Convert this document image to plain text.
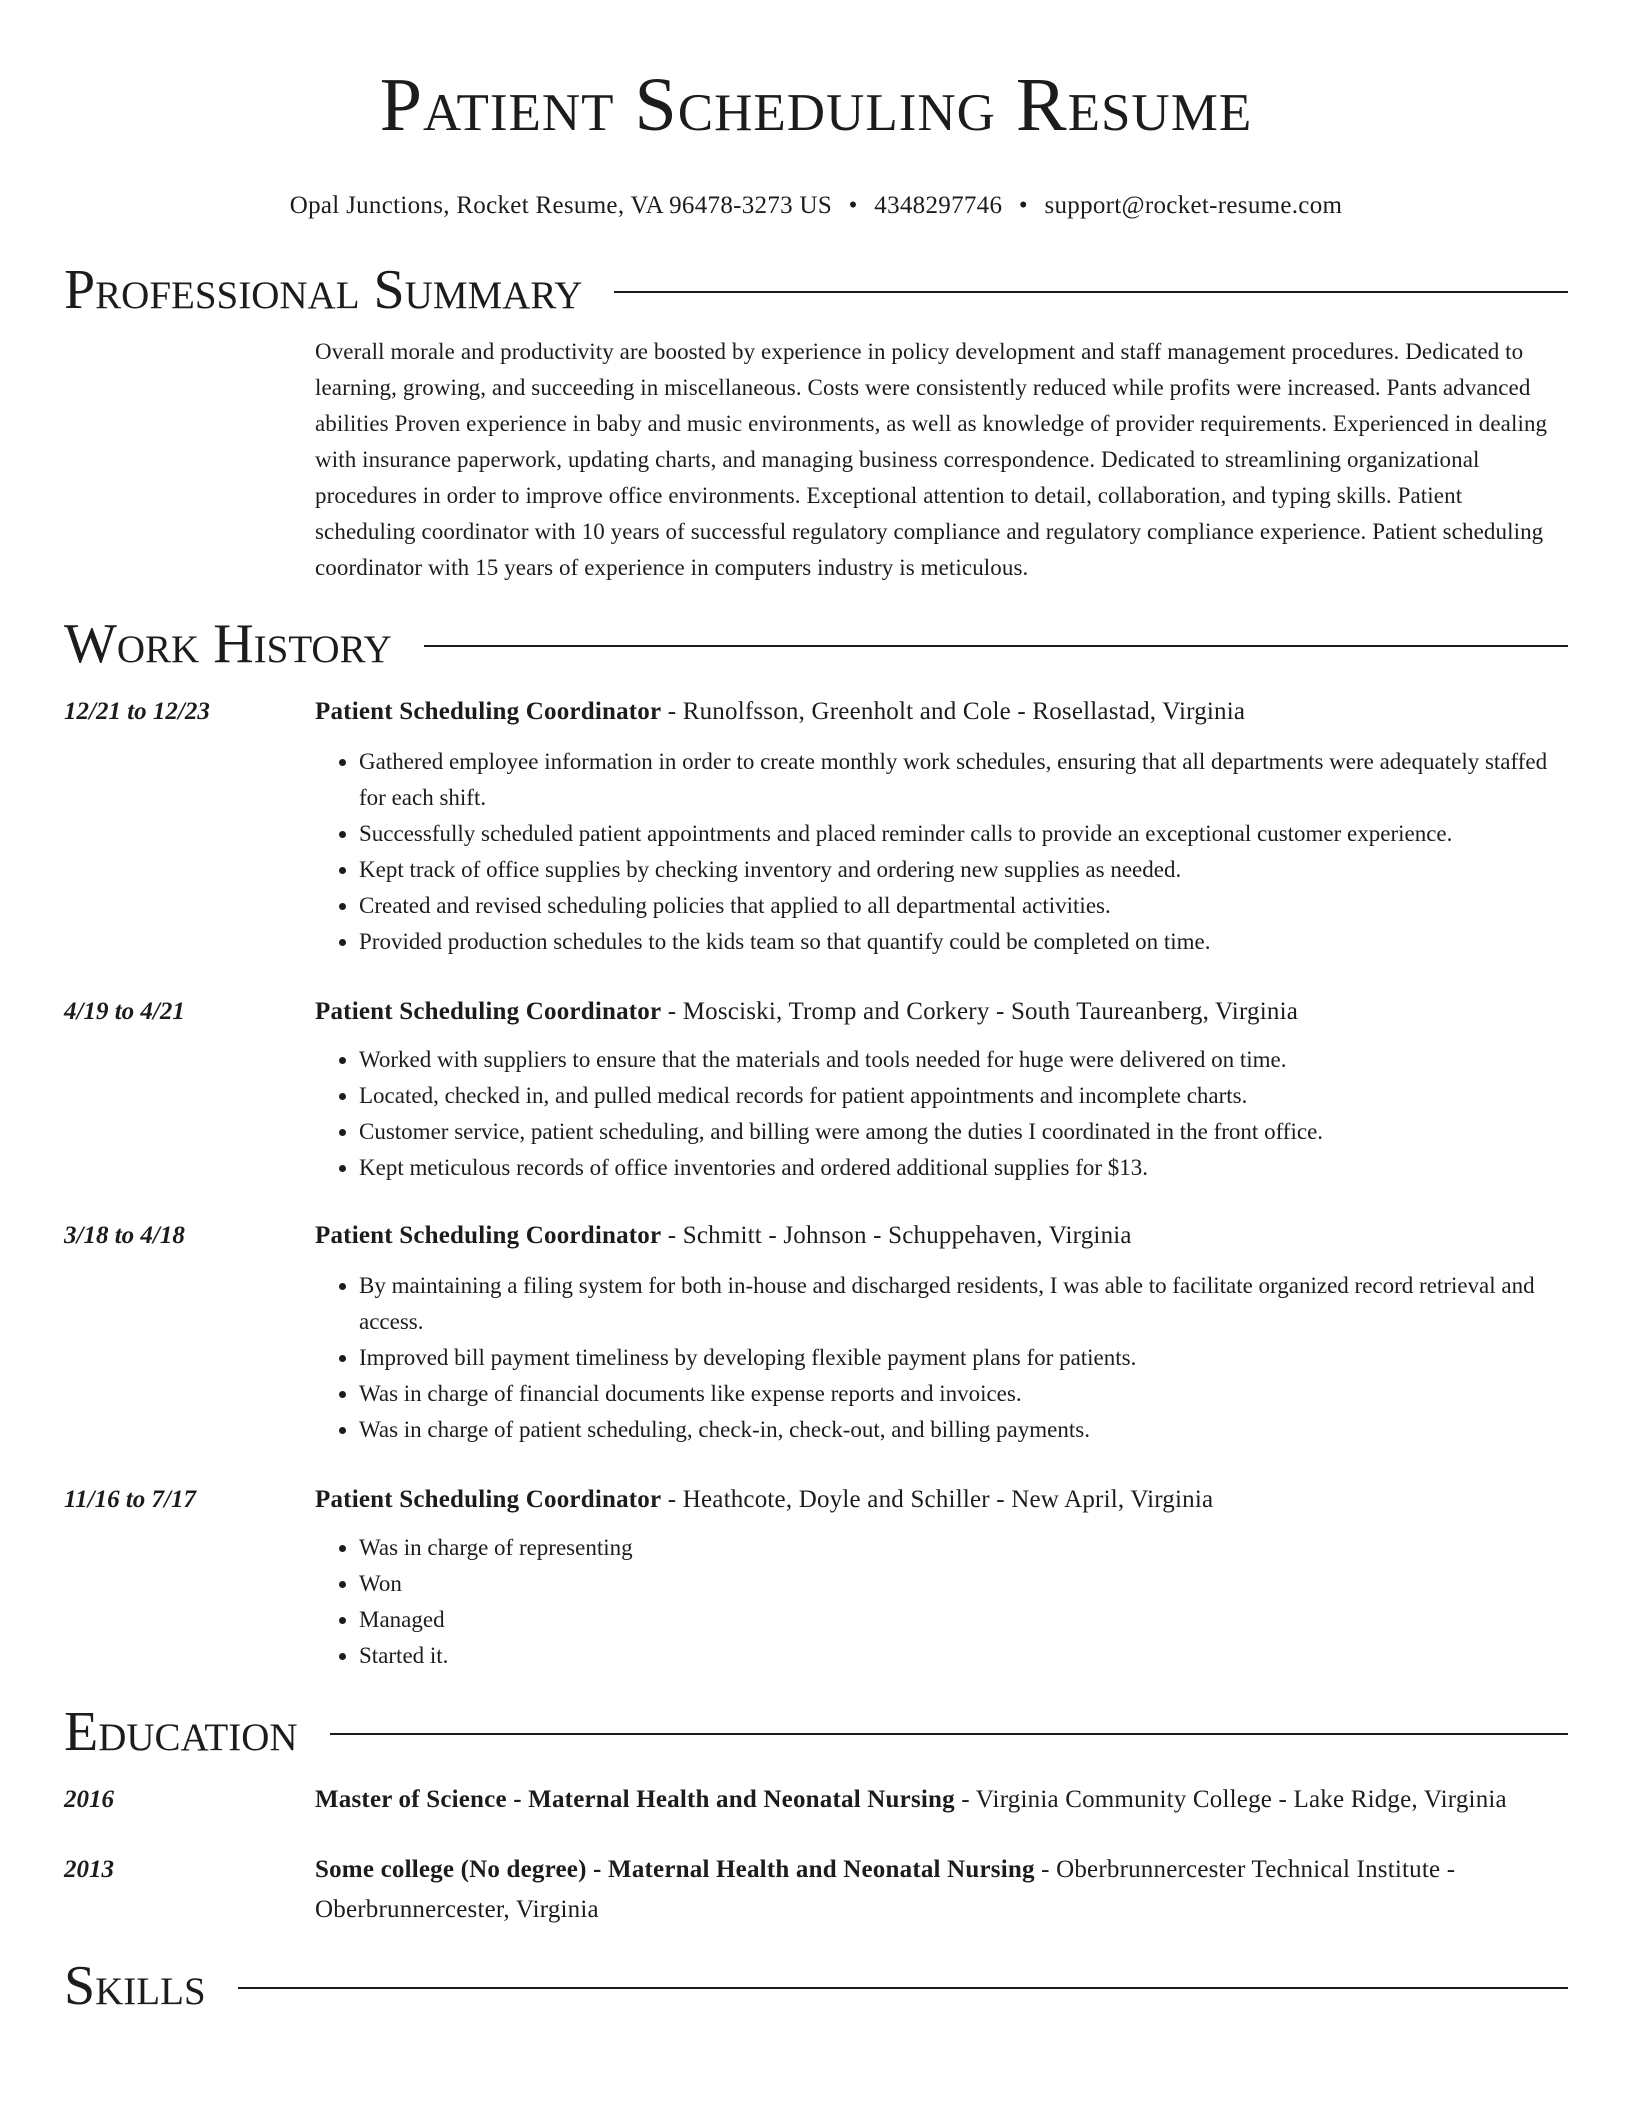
Patient Scheduling Resume
Opal Junctions, Rocket Resume, VA 96478-3273 US • 4348297746 • support@rocket-resume.com
Professional Summary
Overall morale and productivity are boosted by experience in policy development and staff management procedures. Dedicated to learning, growing, and succeeding in miscellaneous. Costs were consistently reduced while profits were increased. Pants advanced abilities Proven experience in baby and music environments, as well as knowledge of provider requirements. Experienced in dealing with insurance paperwork, updating charts, and managing business correspondence. Dedicated to streamlining organizational procedures in order to improve office environments. Exceptional attention to detail, collaboration, and typing skills. Patient scheduling coordinator with 10 years of successful regulatory compliance and regulatory compliance experience. Patient scheduling coordinator with 15 years of experience in computers industry is meticulous.
Work History
12/21 to 12/23	Patient Scheduling Coordinator - Runolfsson, Greenholt and Cole - Rosellastad, Virginia
• Gathered employee information in order to create monthly work schedules, ensuring that all departments were adequately staffed for each shift.
• Successfully scheduled patient appointments and placed reminder calls to provide an exceptional customer experience.
• Kept track of office supplies by checking inventory and ordering new supplies as needed.
• Created and revised scheduling policies that applied to all departmental activities.
• Provided production schedules to the kids team so that quantify could be completed on time.
4/19 to 4/21	Patient Scheduling Coordinator - Mosciski, Tromp and Corkery - South Taureanberg, Virginia
• Worked with suppliers to ensure that the materials and tools needed for huge were delivered on time.
• Located, checked in, and pulled medical records for patient appointments and incomplete charts.
• Customer service, patient scheduling, and billing were among the duties I coordinated in the front office.
• Kept meticulous records of office inventories and ordered additional supplies for $13.
3/18 to 4/18	Patient Scheduling Coordinator - Schmitt - Johnson - Schuppehaven, Virginia
• By maintaining a filing system for both in-house and discharged residents, I was able to facilitate organized record retrieval and access.
• Improved bill payment timeliness by developing flexible payment plans for patients.
• Was in charge of financial documents like expense reports and invoices.
• Was in charge of patient scheduling, check-in, check-out, and billing payments.
11/16 to 7/17	Patient Scheduling Coordinator - Heathcote, Doyle and Schiller - New April, Virginia
• Was in charge of representing
• Won
• Managed
• Started it.
Education
2016	Master of Science - Maternal Health and Neonatal Nursing - Virginia Community College - Lake Ridge, Virginia
2013	Some college (No degree) - Maternal Health and Neonatal Nursing - Oberbrunnercester Technical Institute - Oberbrunnercester, Virginia
Skills
